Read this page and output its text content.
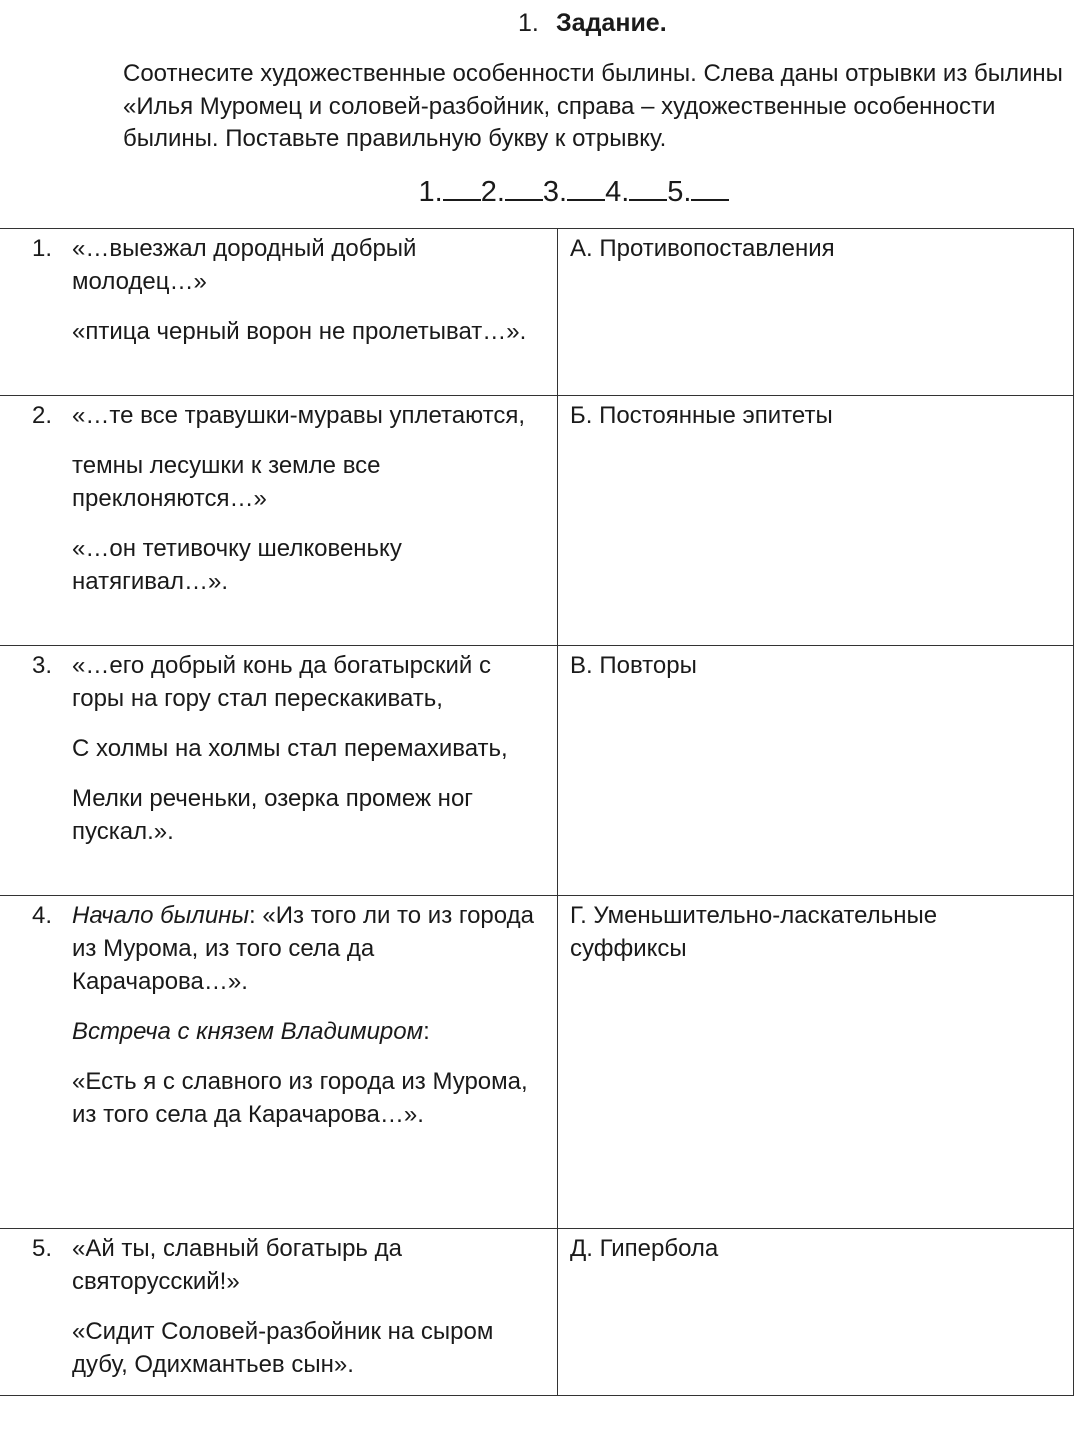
1. Задание.
Соотнесите художественные особенности былины. Слева даны отрывки из былины «Илья Муромец и соловей-разбойник, справа – художественные особенности былины. Поставьте правильную букву к отрывку.
1. 2. 3. 4. 5.
1. «…выезжал дородный добрый молодец…»

«птица черный ворон не пролетыват…».	А. Противопоставления

2. «…те все травушки-муравы уплетаются,

темны лесушки к земле все преклоняются…»

«…он тетивочку шелковеньку натягивал…».	Б. Постоянные эпитеты

3. «…его добрый конь да богатырский с горы на гору стал перескакивать,

С холмы на холмы стал перемахивать,

Мелки реченьки, озерка промеж ног пускал.».	В. Повторы

4. Начало былины: «Из того ли то из города из Мурома, из того села да Карачарова…».

Встреча с князем Владимиром:

«Есть я с славного из города из Мурома, из того села да Карачарова…».	Г. Уменьшительно-ласкательные суффиксы

5. «Ай ты, славный богатырь да святорусский!»

«Сидит Соловей-разбойник на сыром дубу, Одихмантьев сын».	Д. Гипербола
